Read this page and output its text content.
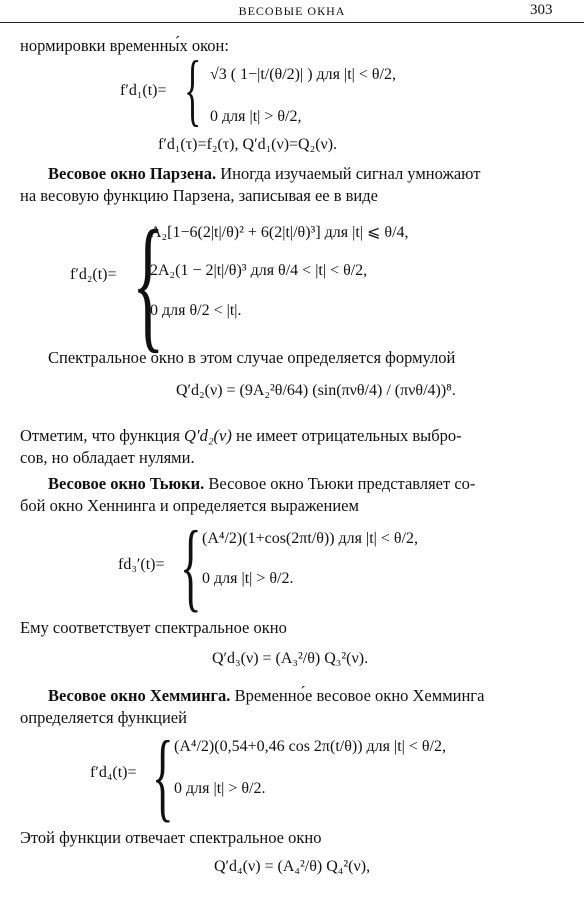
ВЕСОВЫЕ ОКНА	303
нормировки временны́х окон:
f′d₁(t)= { √3 ( 1−|t/(θ/2)| ) для |t| < θ/2,
0 для |t| > θ/2,
f′d₁(τ)=f₂(τ), Q′d₁(ν)=Q₂(ν).
Весовое окно Парзена. Иногда изучаемый сигнал умножают
на весовую функцию Парзена, записывая ее в виде
f′d₂(t)= {
A₂[1−6(2|t|/θ)² + 6(2|t|/θ)³] для |t| ⩽ θ/4,
2A₂(1 − 2|t|/θ)³ для θ/4 < |t| < θ/2,
0 для θ/2 < |t|.
Спектральное окно в этом случае определяется формулой
Q′d₂(ν) = (9A₂²θ/64) (sin(πνθ/4) / (πνθ/4))⁸.
Отметим, что функция Q′d₂(ν) не имеет отрицательных выбро-
сов, но обладает нулями.
Весовое окно Тьюки. Весовое окно Тьюки представляет со-
бой окно Хеннинга и определяется выражением
fd₃′(t)= { (A⁴/2)(1+cos(2πt/θ)) для |t| < θ/2,
0 для |t| > θ/2.
Ему соответствует спектральное окно
Q′d₃(ν) = (A₃²/θ) Q₃²(ν).
Весовое окно Хемминга. Временно́е весовое окно Хемминга
определяется функцией
f′d₄(t)= { (A⁴/2)(0,54+0,46 cos 2π(t/θ)) для |t| < θ/2,
0 для |t| > θ/2.
Этой функции отвечает спектральное окно
Q′d₄(ν) = (A₄²/θ) Q₄²(ν),
